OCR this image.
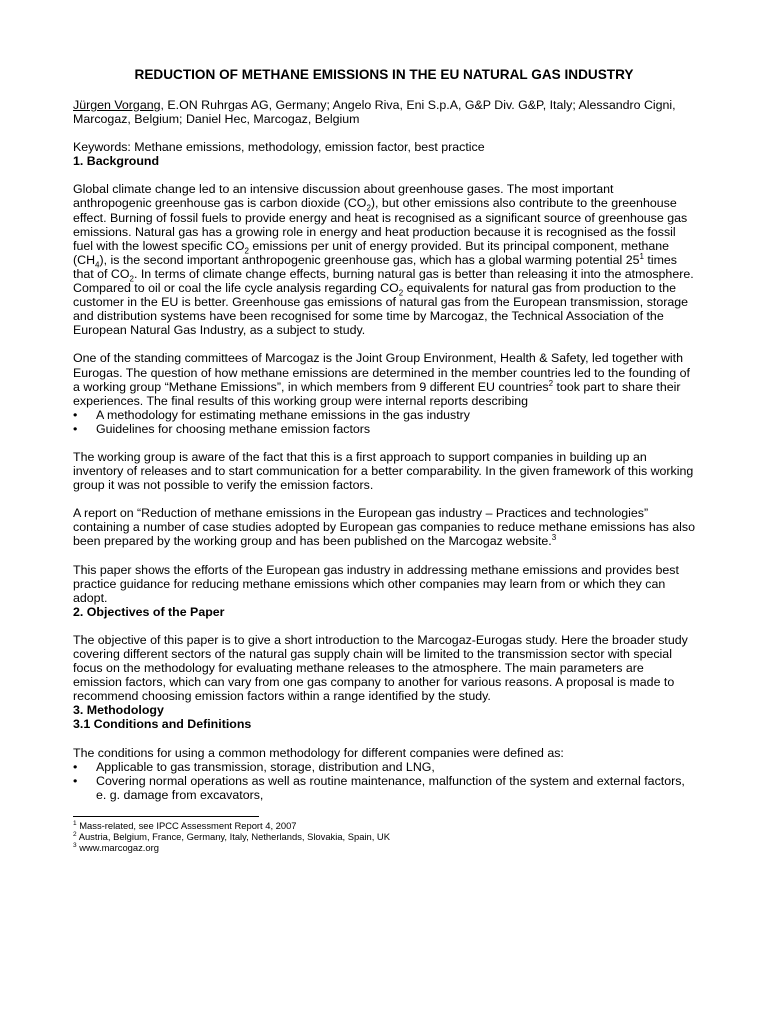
REDUCTION OF METHANE EMISSIONS IN THE EU NATURAL GAS INDUSTRY

Jürgen Vorgang, E.ON Ruhrgas AG, Germany; Angelo Riva, Eni S.p.A, G&P Div. G&P, Italy; Alessandro Cigni, Marcogaz, Belgium; Daniel Hec, Marcogaz, Belgium

Keywords: Methane emissions, methodology, emission factor, best practice

1. Background

Global climate change led to an intensive discussion about greenhouse gases. The most important anthropogenic greenhouse gas is carbon dioxide $(CO_2)$, but other emissions also contribute to the greenhouse effect. Burning of fossil fuels to provide energy and heat is recognised as a significant source of greenhouse gas emissions. Natural gas has a growing role in energy and heat production because it is recognised as the fossil fuel with the lowest specific $CO_2$ emissions per unit of energy provided. But its principal component, methane $(CH_4)$, is the second important anthropogenic greenhouse gas, which has a global warming potential $25^1$ times that of $CO_2$. In terms of climate change effects, burning natural gas is better than releasing it into the atmosphere. Compared to oil or coal the life cycle analysis regarding $CO_2$ equivalents for natural gas from production to the customer in the EU is better. Greenhouse gas emissions of natural gas from the European transmission, storage and distribution systems have been recognised for some time by Marcogaz, the Technical Association of the European Natural Gas Industry, as a subject to study.

One of the standing committees of Marcogaz is the Joint Group Environment, Health & Safety, led together with Eurogas. The question of how methane emissions are determined in the member countries led to the founding of a working group “Methane Emissions”, in which members from 9 different EU countries$^2$ took part to share their experiences. The final results of this working group were internal reports describing

• A methodology for estimating methane emissions in the gas industry
• Guidelines for choosing methane emission factors

The working group is aware of the fact that this is a first approach to support companies in building up an inventory of releases and to start communication for a better comparability. In the given framework of this working group it was not possible to verify the emission factors.

A report on “Reduction of methane emissions in the European gas industry – Practices and technologies” containing a number of case studies adopted by European gas companies to reduce methane emissions has also been prepared by the working group and has been published on the Marcogaz website.$^3$

This paper shows the efforts of the European gas industry in addressing methane emissions and provides best practice guidance for reducing methane emissions which other companies may learn from or which they can adopt.

2. Objectives of the Paper

The objective of this paper is to give a short introduction to the Marcogaz-Eurogas study. Here the broader study covering different sectors of the natural gas supply chain will be limited to the transmission sector with special focus on the methodology for evaluating methane releases to the atmosphere. The main parameters are emission factors, which can vary from one gas company to another for various reasons. A proposal is made to recommend choosing emission factors within a range identified by the study.

3. Methodology

3.1 Conditions and Definitions

The conditions for using a common methodology for different companies were defined as:

• Applicable to gas transmission, storage, distribution and LNG,
• Covering normal operations as well as routine maintenance, malfunction of the system and external factors, e. g. damage from excavators,
$^1$ Mass-related, see IPCC Assessment Report 4, 2007
$^2$ Austria, Belgium, France, Germany, Italy, Netherlands, Slovakia, Spain, UK
$^3$ www.marcogaz.org
